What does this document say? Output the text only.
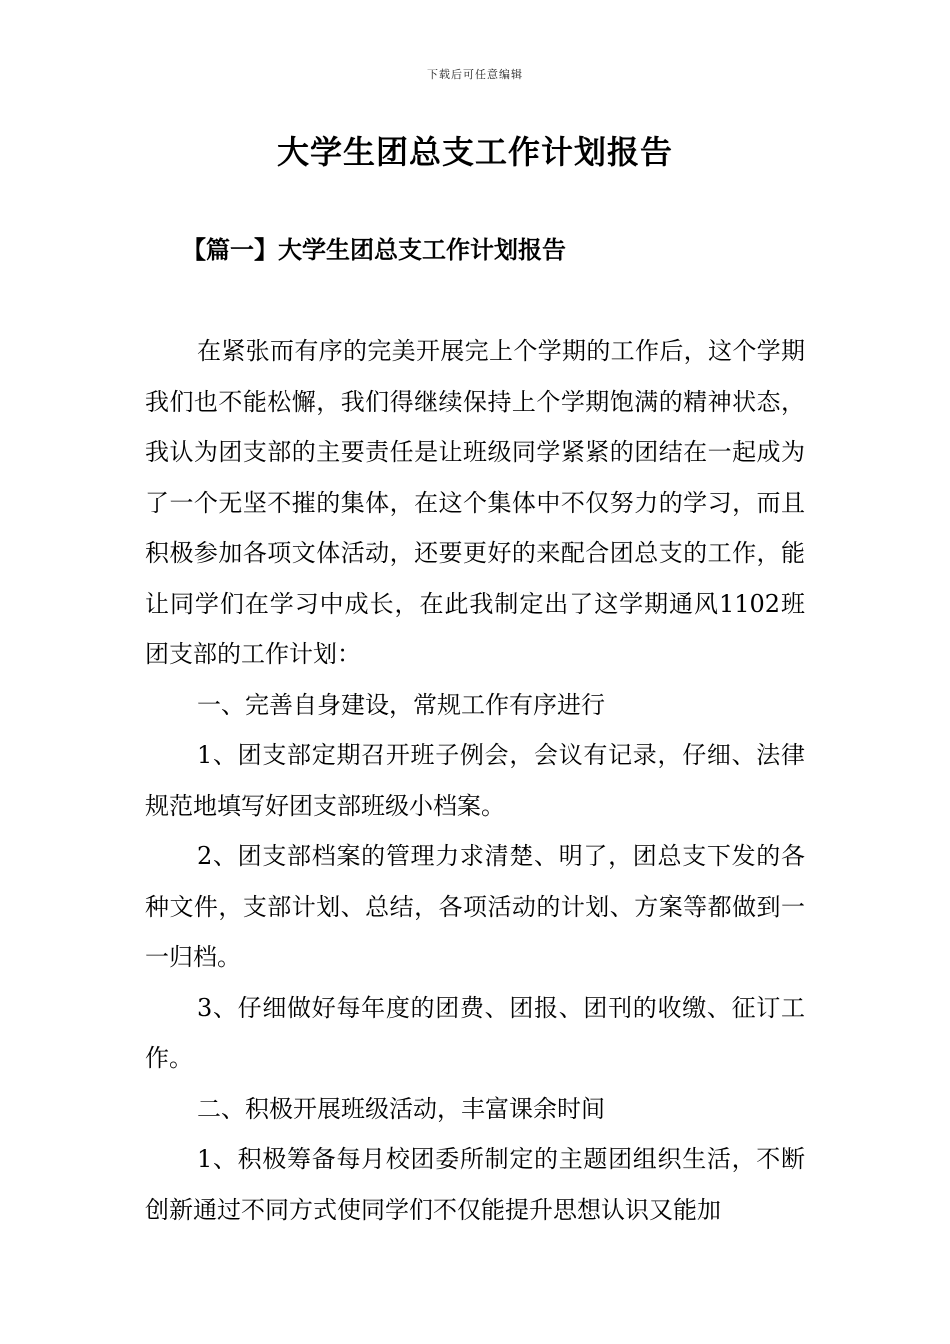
下载后可任意编辑
大学生团总支工作计划报告
【篇一】大学生团总支工作计划报告

在紧张而有序的完美开展完上个学期的工作后，这个学期我们也不能松懈，我们得继续保持上个学期饱满的精神状态，我认为团支部的主要责任是让班级同学紧紧的团结在一起成为了一个无坚不摧的集体，在这个集体中不仅努力的学习，而且积极参加各项文体活动，还要更好的来配合团总支的工作，能让同学们在学习中成长，在此我制定出了这学期通风1102班团支部的工作计划：

一、完善自身建设，常规工作有序进行

1、团支部定期召开班子例会，会议有记录，仔细、法律规范地填写好团支部班级小档案。

2、团支部档案的管理力求清楚、明了，团总支下发的各种文件，支部计划、总结，各项活动的计划、方案等都做到一一归档。

3、仔细做好每年度的团费、团报、团刊的收缴、征订工作。

二、积极开展班级活动，丰富课余时间

1、积极筹备每月校团委所制定的主题团组织生活，不断创新通过不同方式使同学们不仅能提升思想认识又能加
